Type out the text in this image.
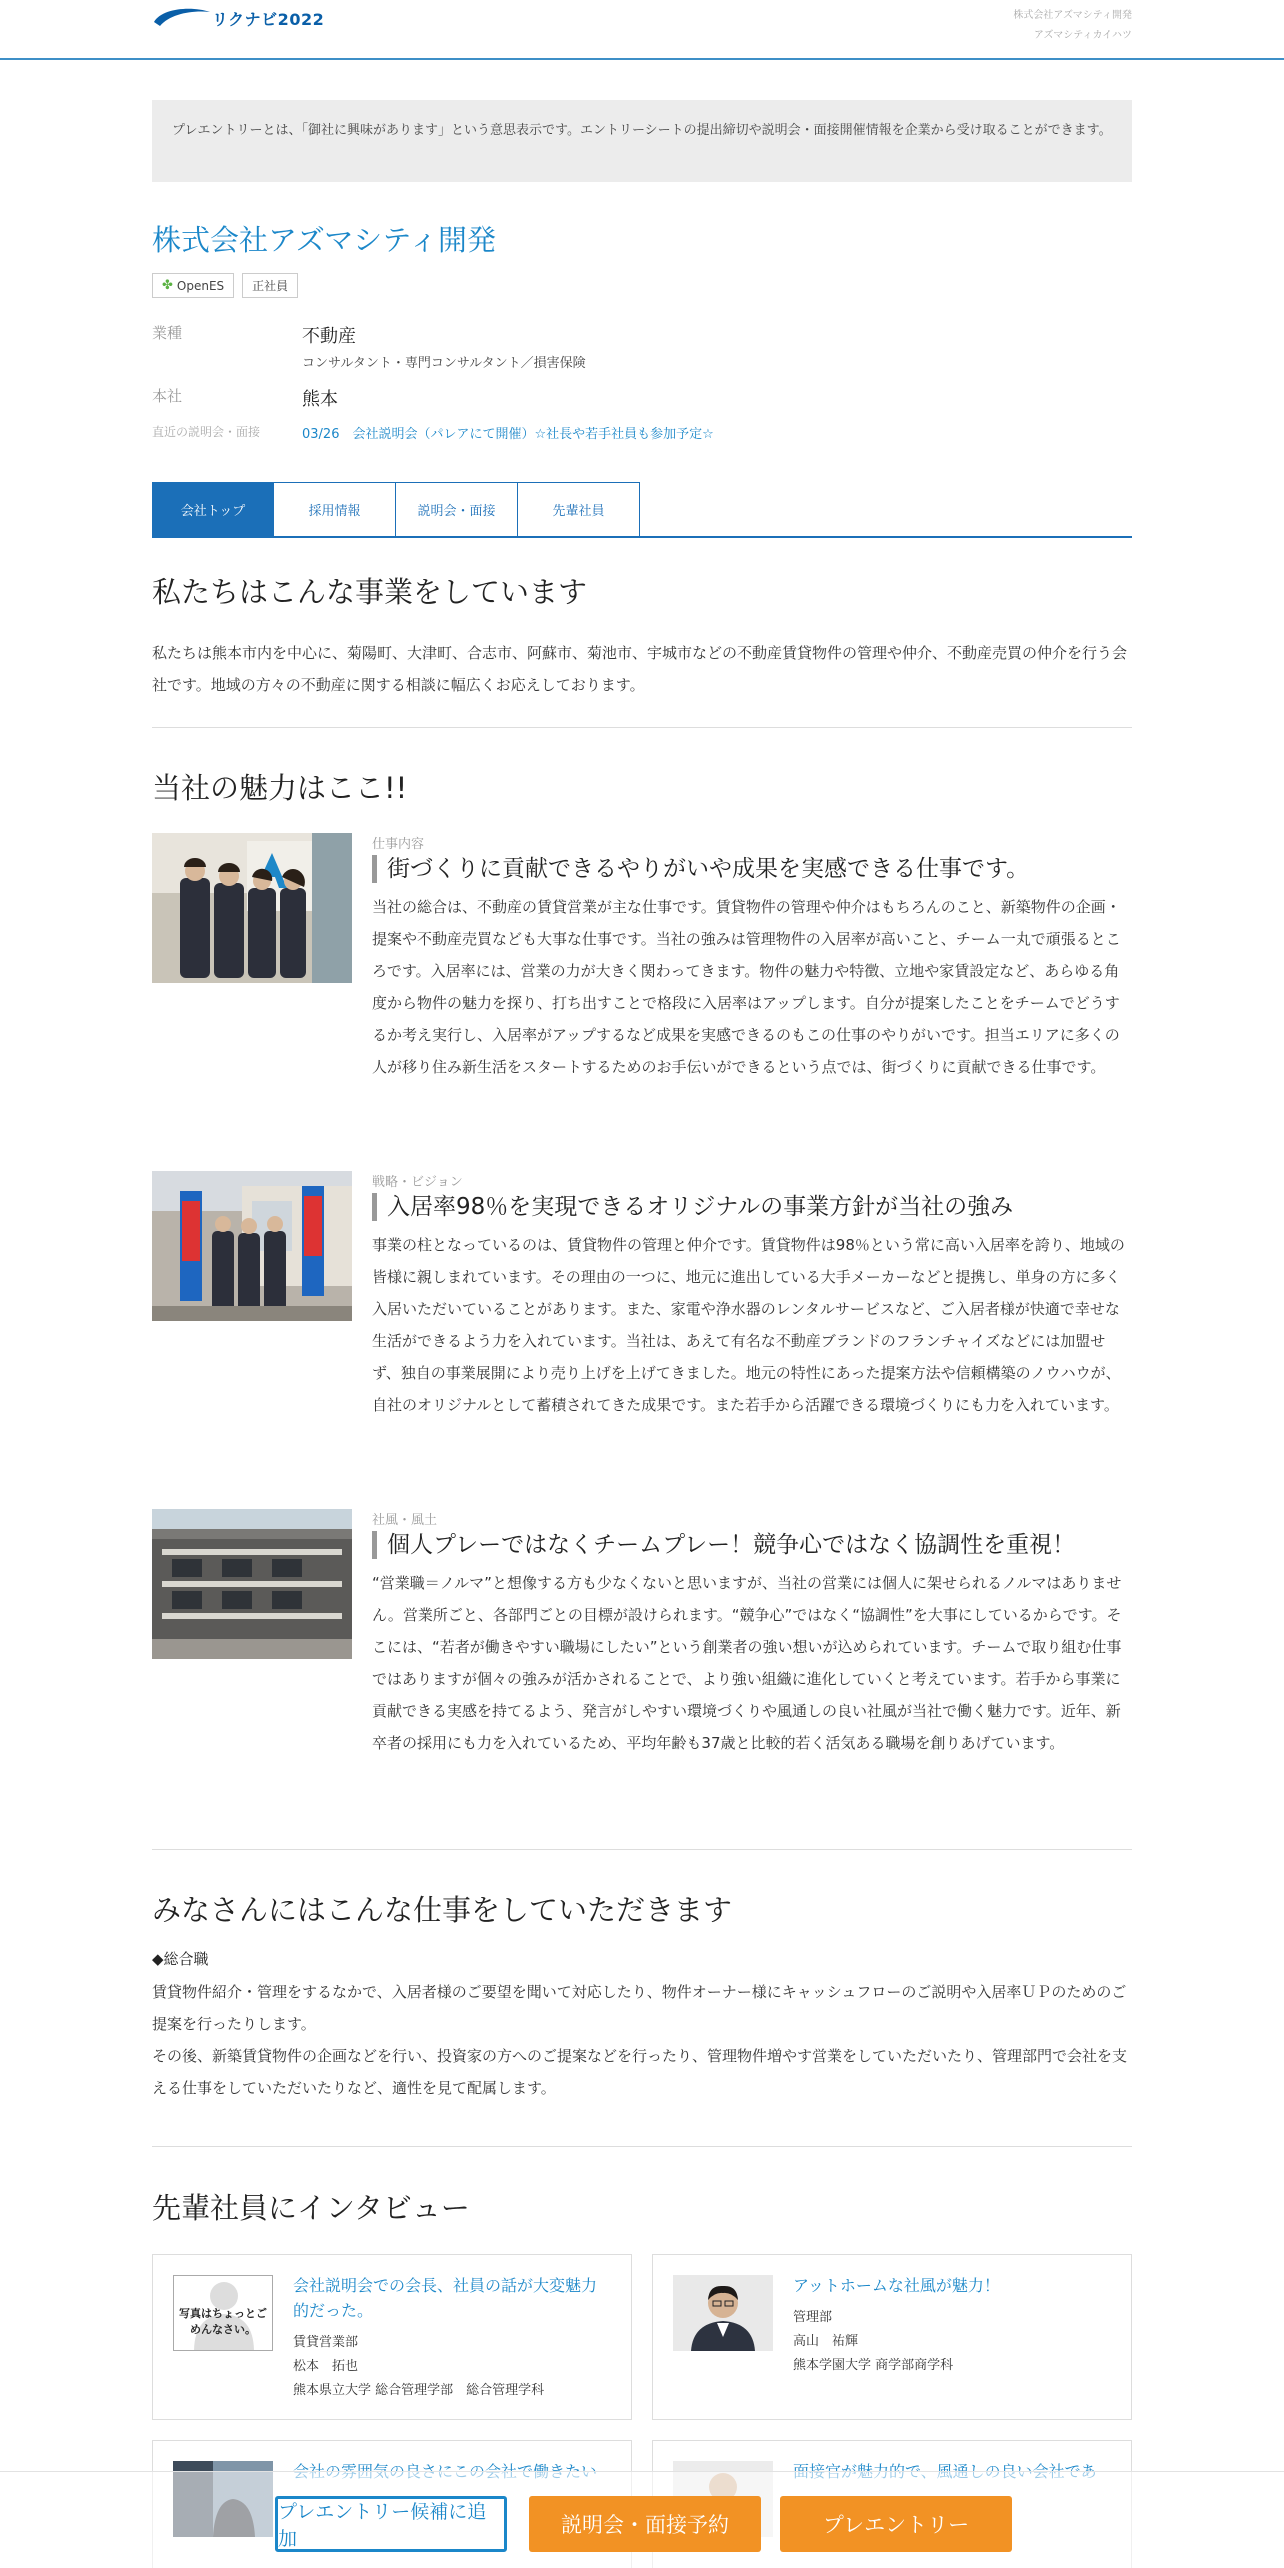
リクナビ2022	株式会社アズマシティ開発
アズマシティカイハツ
プレエントリーとは、「御社に興味があります」という意思表示です。エントリーシートの提出締切や説明会・面接開催情報を企業から受け取ることができます。
株式会社アズマシティ開発
✤ OpenES	正社員
業種	不動産
コンサルタント・専門コンサルタント／損害保険
本社	熊本
直近の説明会・面接	03/26　会社説明会（パレアにて開催）☆社長や若手社員も参加予定☆
会社トップ	採用情報	説明会・面接	先輩社員
私たちはこんな事業をしています

私たちは熊本市内を中心に、菊陽町、大津町、合志市、阿蘇市、菊池市、宇城市などの不動産賃貸物件の管理や仲介、不動産売買の仲介を行う会社です。地域の方々の不動産に関する相談に幅広くお応えしております。

当社の魅力はここ!!
仕事内容
街づくりに貢献できるやりがいや成果を実感できる仕事です。

当社の総合は、不動産の賃貸営業が主な仕事です。賃貸物件の管理や仲介はもちろんのこと、新築物件の企画・提案や不動産売買なども大事な仕事です。当社の強みは管理物件の入居率が高いこと、チーム一丸で頑張るところです。入居率には、営業の力が大きく関わってきます。物件の魅力や特徴、立地や家賃設定など、あらゆる角度から物件の魅力を探り、打ち出すことで格段に入居率はアップします。自分が提案したことをチームでどうするか考え実行し、入居率がアップするなど成果を実感できるのもこの仕事のやりがいです。担当エリアに多くの人が移り住み新生活をスタートするためのお手伝いができるという点では、街づくりに貢献できる仕事です。

戦略・ビジョン
入居率98％を実現できるオリジナルの事業方針が当社の強み

事業の柱となっているのは、賃貸物件の管理と仲介です。賃貸物件は98％という常に高い入居率を誇り、地域の皆様に親しまれています。その理由の一つに、地元に進出している大手メーカーなどと提携し、単身の方に多く入居いただいていることがあります。また、家電や浄水器のレンタルサービスなど、ご入居者様が快適で幸せな生活ができるよう力を入れています。当社は、あえて有名な不動産ブランドのフランチャイズなどには加盟せず、独自の事業展開により売り上げを上げてきました。地元の特性にあった提案方法や信頼構築のノウハウが、自社のオリジナルとして蓄積されてきた成果です。また若手から活躍できる環境づくりにも力を入れています。

社風・風土
個人プレーではなくチームプレー！競争心ではなく協調性を重視！

“営業職＝ノルマ”と想像する方も少なくないと思いますが、当社の営業には個人に架せられるノルマはありません。営業所ごと、各部門ごとの目標が設けられます。“競争心”ではなく“協調性”を大事にしているからです。そこには、“若者が働きやすい職場にしたい”という創業者の強い想いが込められています。チームで取り組む仕事ではありますが個々の強みが活かされることで、より強い組織に進化していくと考えています。若手から事業に貢献できる実感を持てるよう、発言がしやすい環境づくりや風通しの良い社風が当社で働く魅力です。近年、新卒者の採用にも力を入れているため、平均年齢も37歳と比較的若く活気ある職場を創りあげています。

みなさんにはこんな仕事をしていただきます
◆総合職

賃貸物件紹介・管理をするなかで、入居者様のご要望を聞いて対応したり、物件オーナー様にキャッシュフローのご説明や入居率ＵＰのためのご提案を行ったりします。

その後、新築賃貸物件の企画などを行い、投資家の方へのご提案などを行ったり、管理物件増やす営業をしていただいたり、管理部門で会社を支える仕事をしていただいたりなど、適性を見て配属します。

先輩社員にインタビュー
写真はちょっとごめんなさい。
会社説明会での会長、社員の話が大変魅力的だった。
賃貸営業部
松本　拓也
熊本県立大学 総合管理学部　総合管理学科
アットホームな社風が魅力！
管理部
高山　祐輝
熊本学園大学 商学部商学科
プレエントリー候補に追加
説明会・面接予約	プレエントリー
